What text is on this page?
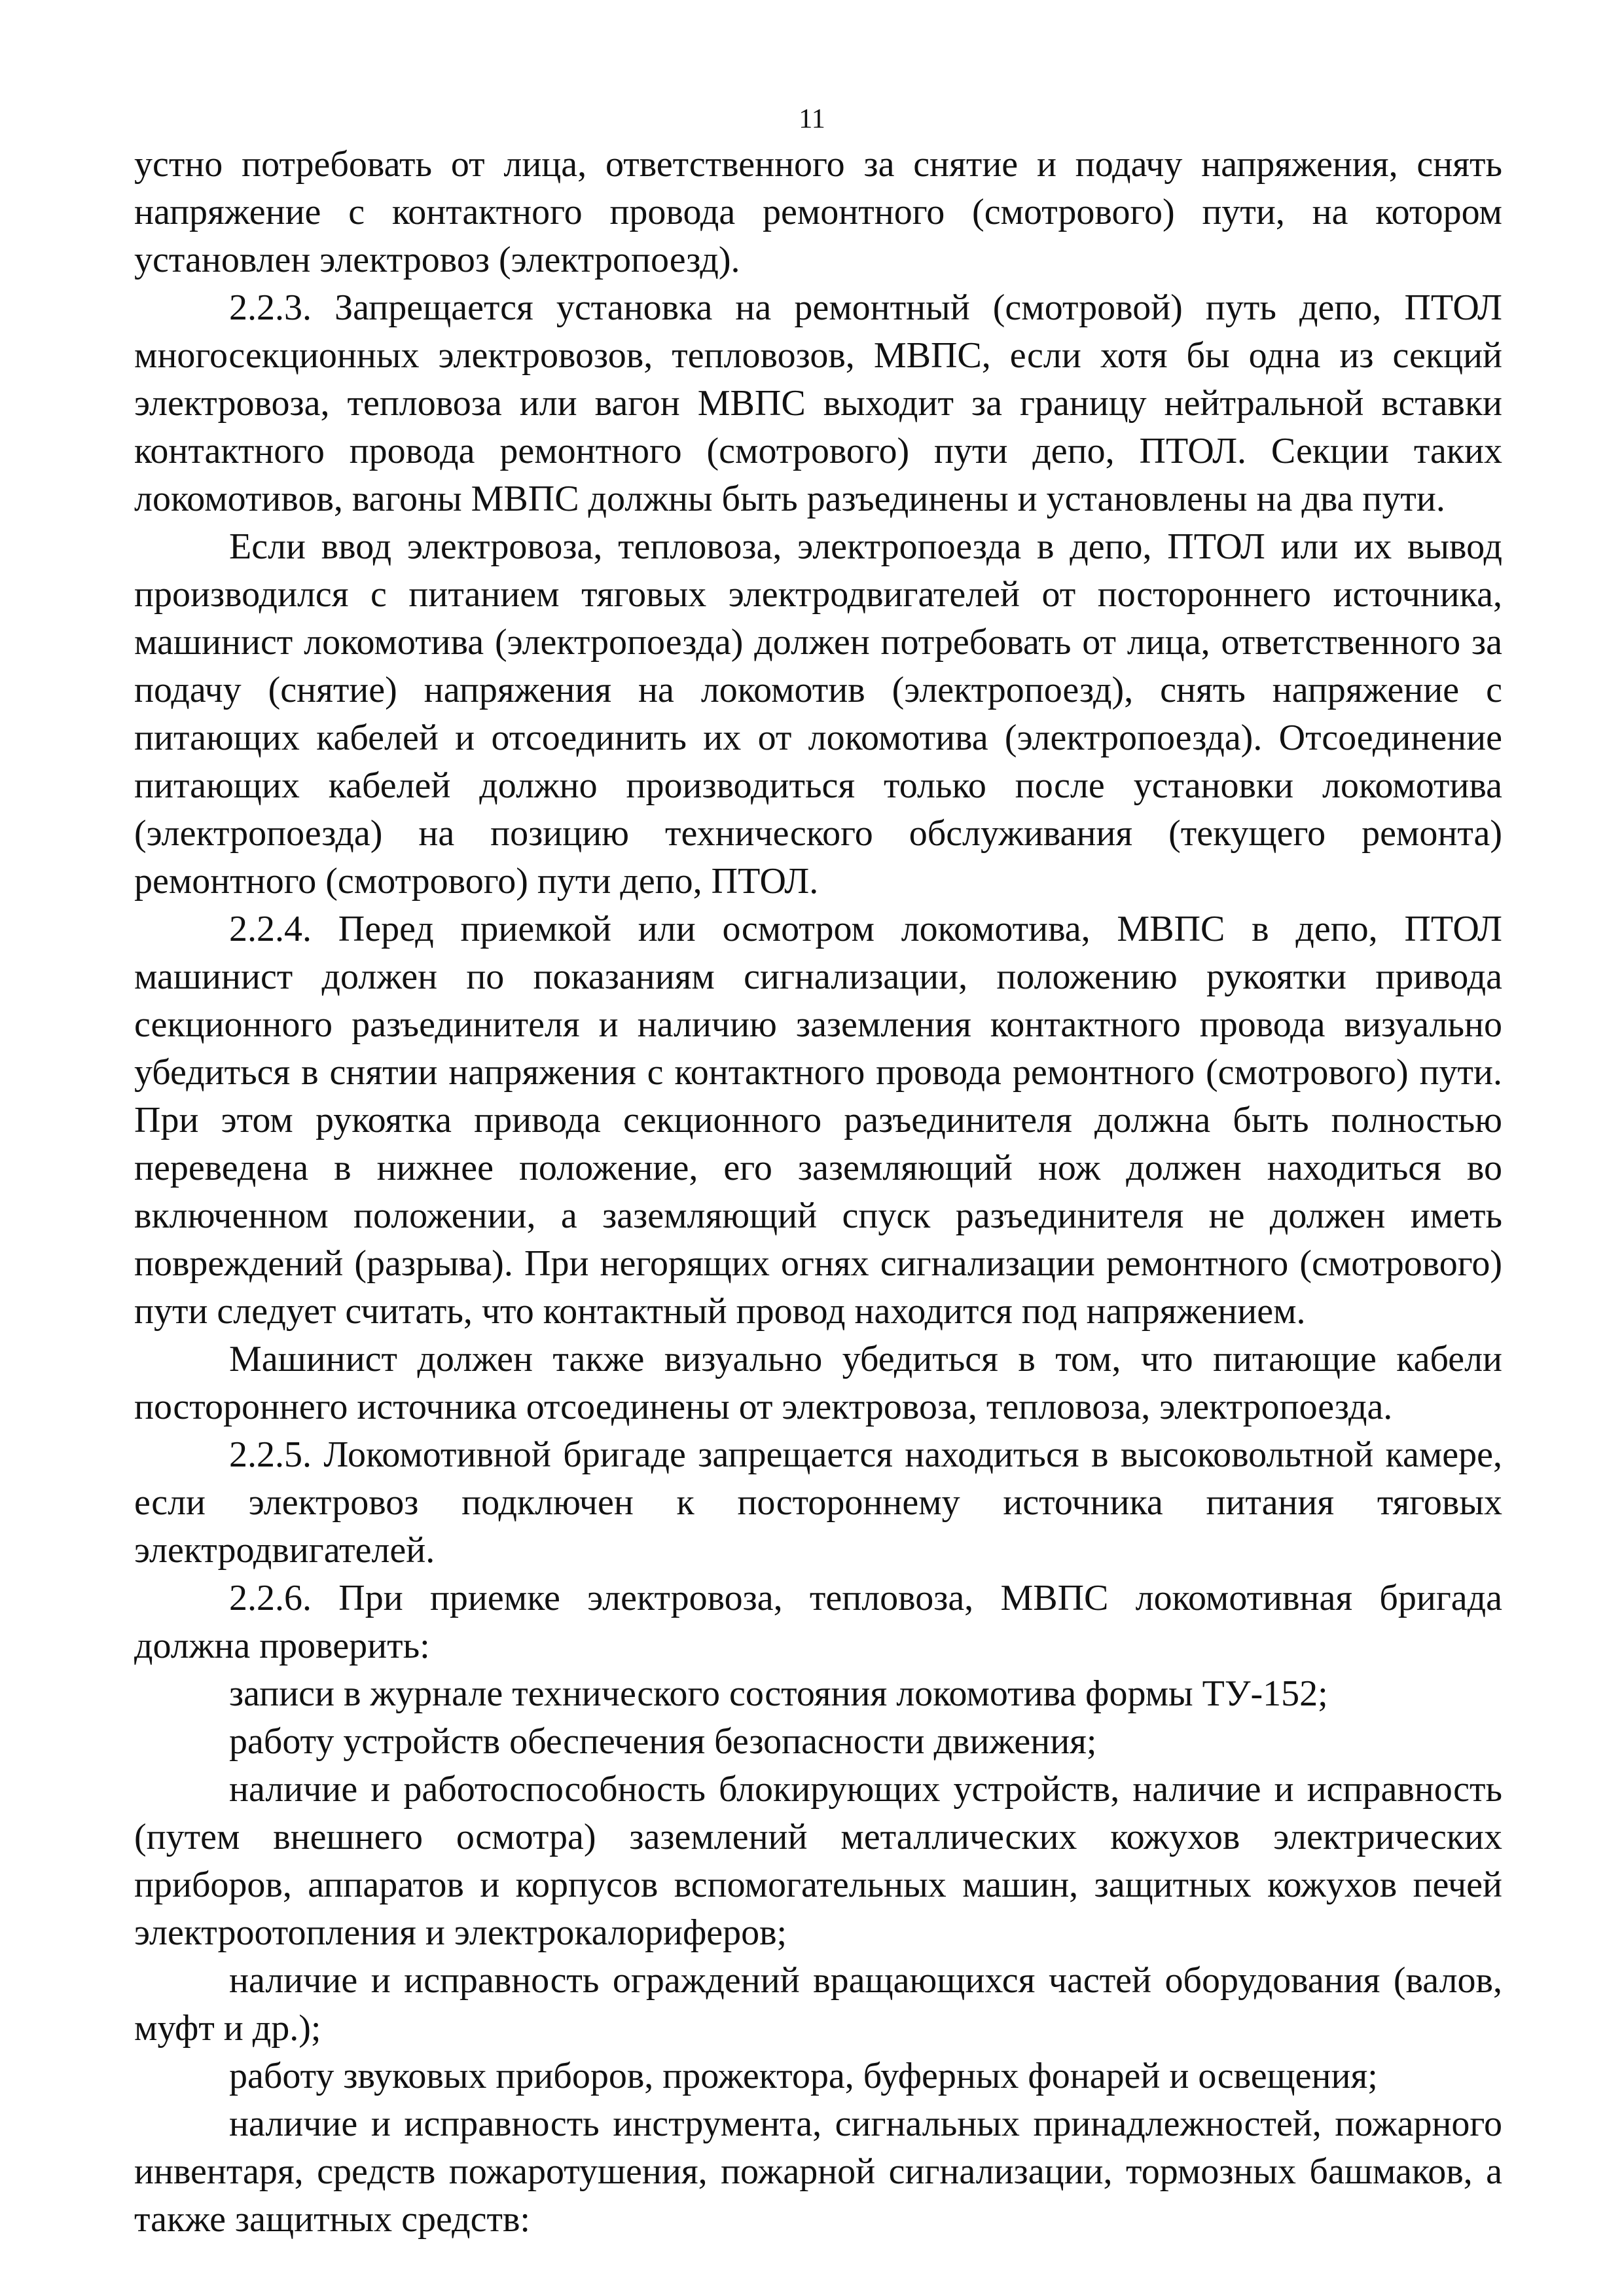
11

устно потребовать от лица, ответственного за снятие и подачу напряжения, снять напряжение с контактного провода ремонтного (смотрового) пути, на котором установлен электровоз (электропоезд).

2.2.3. Запрещается установка на ремонтный (смотровой) путь депо, ПТОЛ многосекционных электровозов, тепловозов, МВПС, если хотя бы одна из секций электровоза, тепловоза или вагон МВПС выходит за границу нейтральной вставки контактного провода ремонтного (смотрового) пути депо, ПТОЛ. Секции таких локомотивов, вагоны МВПС должны быть разъединены и установлены на два пути.

Если ввод электровоза, тепловоза, электропоезда в депо, ПТОЛ или их вывод производился с питанием тяговых электродвигателей от постороннего источника, машинист локомотива (электропоезда) должен потребовать от лица, ответственного за подачу (снятие) напряжения на локомотив (электропоезд), снять напряжение с питающих кабелей и отсоединить их от локомотива (электропоезда). Отсоединение питающих кабелей должно производиться только после установки локомотива (электропоезда) на позицию технического обслуживания (текущего ремонта) ремонтного (смотрового) пути депо, ПТОЛ.

2.2.4. Перед приемкой или осмотром локомотива, МВПС в депо, ПТОЛ машинист должен по показаниям сигнализации, положению рукоятки привода секционного разъединителя и наличию заземления контактного провода визуально убедиться в снятии напряжения с контактного провода ремонтного (смотрового) пути. При этом рукоятка привода секционного разъединителя должна быть полностью переведена в нижнее положение, его заземляющий нож должен находиться во включенном положении, а заземляющий спуск разъединителя не должен иметь повреждений (разрыва). При негорящих огнях сигнализации ремонтного (смотрового) пути следует считать, что контактный провод находится под напряжением.

Машинист должен также визуально убедиться в том, что питающие кабели постороннего источника отсоединены от электровоза, тепловоза, электропоезда.

2.2.5. Локомотивной бригаде запрещается находиться в высоковольтной камере, если электровоз подключен к постороннему источника питания тяговых электродвигателей.

2.2.6. При приемке электровоза, тепловоза, МВПС локомотивная бригада должна проверить:

записи в журнале технического состояния локомотива формы ТУ-152;

работу устройств обеспечения безопасности движения;

наличие и работоспособность блокирующих устройств, наличие и исправность (путем внешнего осмотра) заземлений металлических кожухов электрических приборов, аппаратов и корпусов вспомогательных машин, защитных кожухов печей электроотопления и электрокалориферов;

наличие и исправность ограждений вращающихся частей оборудования (валов, муфт и др.);

работу звуковых приборов, прожектора, буферных фонарей и освещения;

наличие и исправность инструмента, сигнальных принадлежностей, пожарного инвентаря, средств пожаротушения, пожарной сигнализации, тормозных башмаков, а также защитных средств:
